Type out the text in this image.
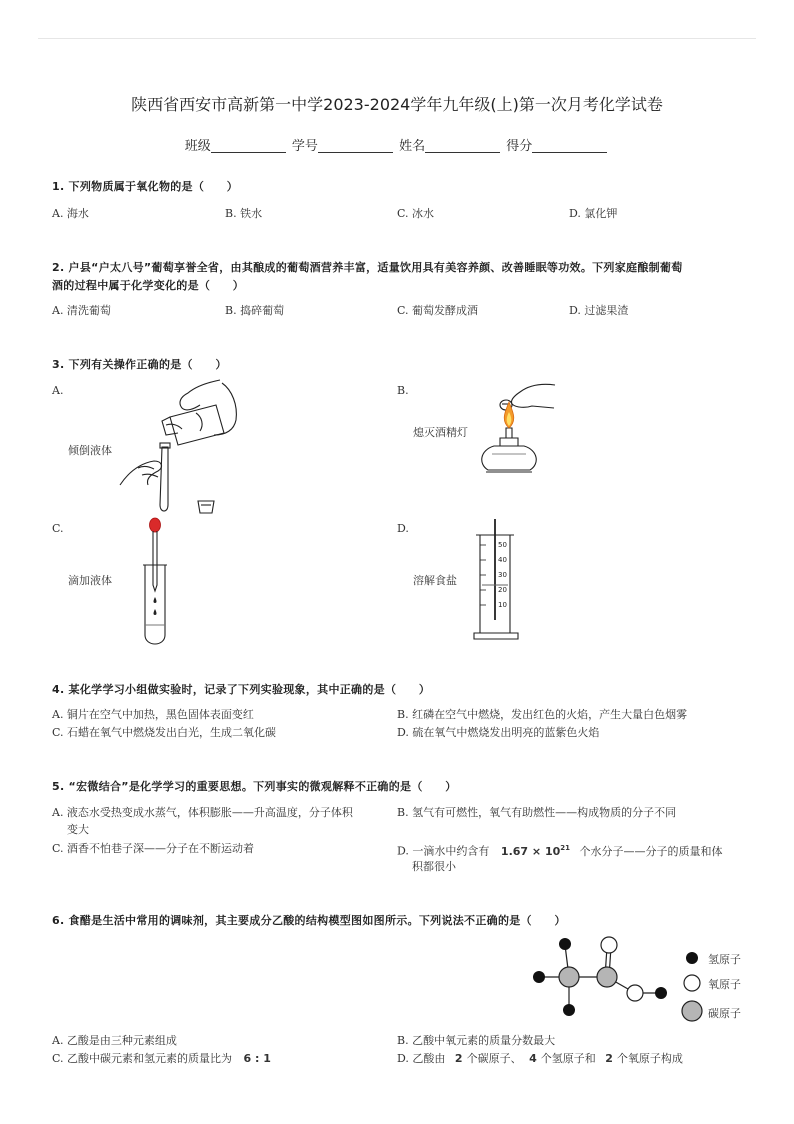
陕西省西安市高新第一中学2023-2024学年九年级(上)第一次月考化学试卷
班级	学号	姓名	得分
1. 下列物质属于氧化物的是（　　）
A. 海水	B. 铁水	C. 冰水	D. 氯化钾
2. 户县“户太八号”葡萄享誉全省，由其酿成的葡萄酒营养丰富，适量饮用具有美容养颜、改善睡眠等功效。下列家庭酿制葡萄
酒的过程中属于化学变化的是（　　）
A. 清洗葡萄	B. 捣碎葡萄	C. 葡萄发酵成酒	D. 过滤果渣
3. 下列有关操作正确的是（　　）
A.	B.
C.	D.
倾倒液体
熄灭酒精灯
滴加液体	溶解食盐
50
40
30
20
10
4. 某化学学习小组做实验时，记录了下列实验现象，其中正确的是（　　）
A. 铜片在空气中加热，黑色固体表面变红	B. 红磷在空气中燃烧，发出红色的火焰，产生大量白色烟雾
C. 石蜡在氧气中燃烧发出白光，生成二氧化碳	D. 硫在氧气中燃烧发出明亮的蓝紫色火焰
5. “宏微结合”是化学学习的重要思想。下列事实的微观解释不正确的是（　　）
A. 液态水受热变成水蒸气，体积膨胀——升高温度，分子体积
变大
B. 氢气有可燃性，氧气有助燃性——构成物质的分子不同
C. 酒香不怕巷子深——分子在不断运动着	D. 一滴水中约含有 $1.67 \times 10^{21}$ 个水分子——分子的质量和体
积都很小
6. 食醋是生活中常用的调味剂，其主要成分乙酸的结构模型图如图所示。下列说法不正确的是（　　）
氢原子
氧原子
碳原子
A. 乙酸是由三种元素组成	B. 乙酸中氧元素的质量分数最大
C. 乙酸中碳元素和氢元素的质量比为 6 : 1	D. 乙酸由 2 个碳原子、 4 个氢原子和 2 个氧原子构成
